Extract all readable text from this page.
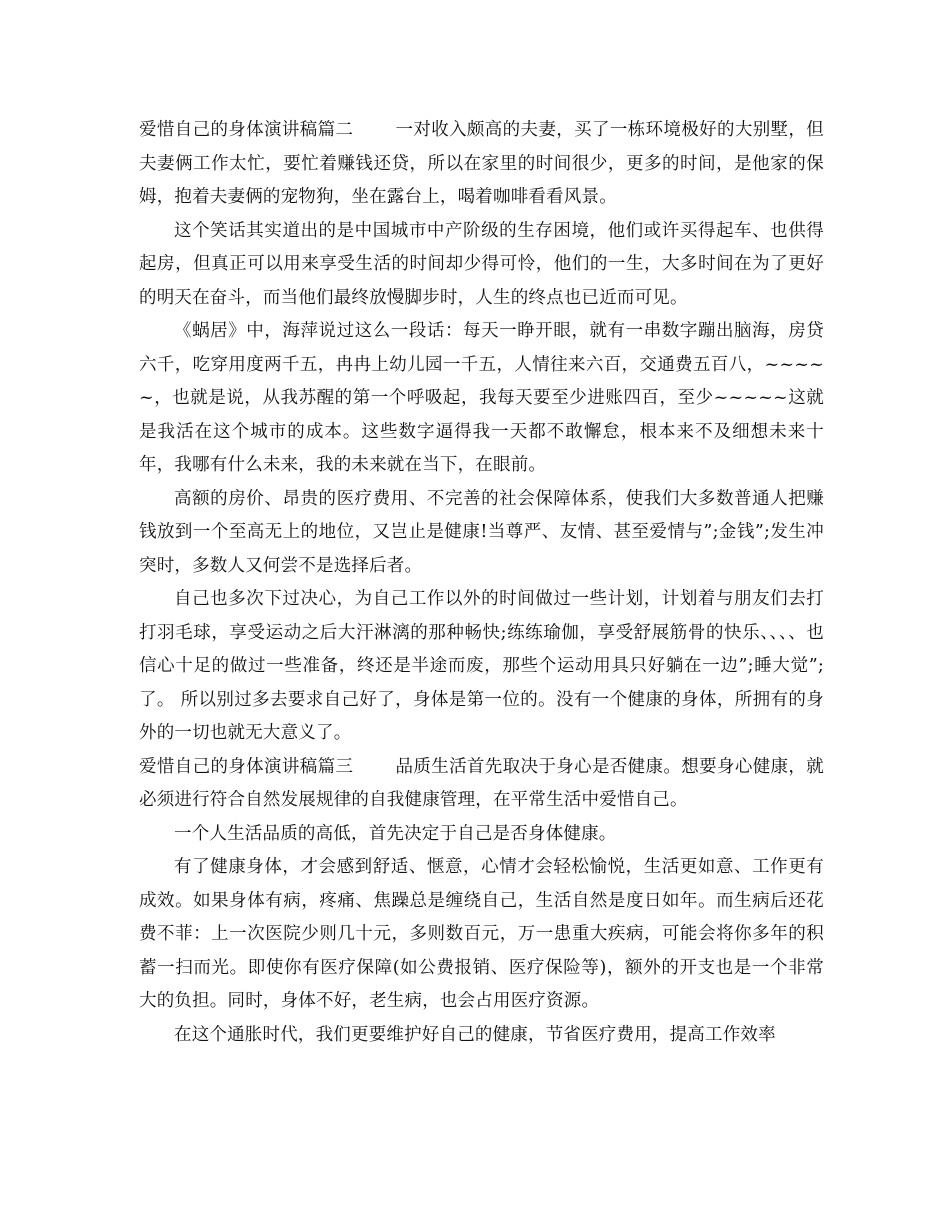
爱惜自己的身体演讲稿篇二 一对收入颇高的夫妻，买了一栋环境极好的大别墅，但夫妻俩工作太忙，要忙着赚钱还贷，所以在家里的时间很少，更多的时间，是他家的保姆，抱着夫妻俩的宠物狗，坐在露台上，喝着咖啡看看风景。

这个笑话其实道出的是中国城市中产阶级的生存困境，他们或许买得起车、也供得起房，但真正可以用来享受生活的时间却少得可怜，他们的一生，大多时间在为了更好的明天在奋斗，而当他们最终放慢脚步时，人生的终点也已近而可见。

《蜗居》中，海萍说过这么一段话：每天一睁开眼，就有一串数字蹦出脑海，房贷六千，吃穿用度两千五，冉冉上幼儿园一千五，人情往来六百，交通费五百八，~~~~~，也就是说，从我苏醒的第一个呼吸起，我每天要至少进账四百，至少~~~~~这就是我活在这个城市的成本。这些数字逼得我一天都不敢懈怠，根本来不及细想未来十年，我哪有什么未来，我的未来就在当下，在眼前。

高额的房价、昂贵的医疗费用、不完善的社会保障体系，使我们大多数普通人把赚钱放到一个至高无上的地位，又岂止是健康!当尊严、友情、甚至爱情与”;金钱”;发生冲突时，多数人又何尝不是选择后者。

自己也多次下过决心，为自己工作以外的时间做过一些计划，计划着与朋友们去打打羽毛球，享受运动之后大汗淋漓的那种畅快;练练瑜伽，享受舒展筋骨的快乐、、、、也信心十足的做过一些准备，终还是半途而废，那些个运动用具只好躺在一边”;睡大觉”;了。 所以别过多去要求自己好了，身体是第一位的。没有一个健康的身体，所拥有的身外的一切也就无大意义了。

爱惜自己的身体演讲稿篇三 品质生活首先取决于身心是否健康。想要身心健康，就必须进行符合自然发展规律的自我健康管理，在平常生活中爱惜自己。

一个人生活品质的高低，首先决定于自己是否身体健康。

有了健康身体，才会感到舒适、惬意，心情才会轻松愉悦，生活更如意、工作更有成效。如果身体有病，疼痛、焦躁总是缠绕自己，生活自然是度日如年。而生病后还花费不菲：上一次医院少则几十元，多则数百元，万一患重大疾病，可能会将你多年的积蓄一扫而光。即使你有医疗保障(如公费报销、医疗保险等)，额外的开支也是一个非常大的负担。同时，身体不好，老生病，也会占用医疗资源。

在这个通胀时代，我们更要维护好自己的健康，节省医疗费用，提高工作效率
